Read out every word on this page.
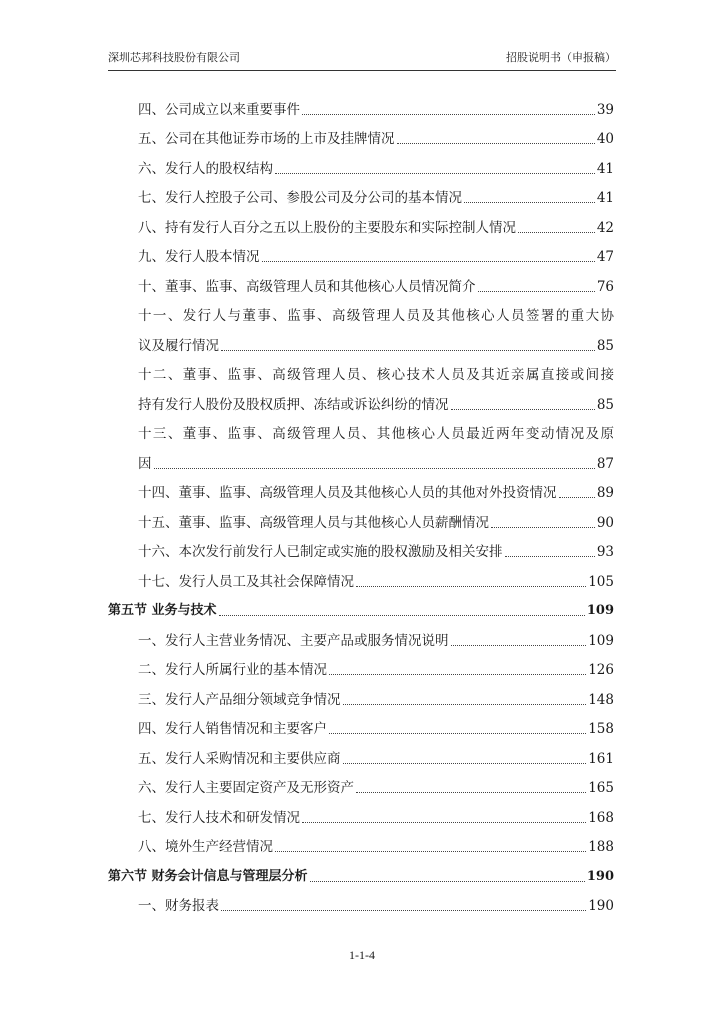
深圳芯邦科技股份有限公司	招股说明书（申报稿）
四、公司成立以来重要事件	39
五、公司在其他证券市场的上市及挂牌情况	40
六、发行人的股权结构	41
七、发行人控股子公司、参股公司及分公司的基本情况	41
八、持有发行人百分之五以上股份的主要股东和实际控制人情况	42
九、发行人股本情况	47
十、董事、监事、高级管理人员和其他核心人员情况简介	76
十一、发行人与董事、监事、高级管理人员及其他核心人员签署的重大协
议及履行情况	85
十二、董事、监事、高级管理人员、核心技术人员及其近亲属直接或间接
持有发行人股份及股权质押、冻结或诉讼纠纷的情况	85
十三、董事、监事、高级管理人员、其他核心人员最近两年变动情况及原
因	87
十四、董事、监事、高级管理人员及其他核心人员的其他对外投资情况	89
十五、董事、监事、高级管理人员与其他核心人员薪酬情况	90
十六、本次发行前发行人已制定或实施的股权激励及相关安排	93
十七、发行人员工及其社会保障情况	105
第五节 业务与技术	109
一、发行人主营业务情况、主要产品或服务情况说明	109
二、发行人所属行业的基本情况	126
三、发行人产品细分领域竞争情况	148
四、发行人销售情况和主要客户	158
五、发行人采购情况和主要供应商	161
六、发行人主要固定资产及无形资产	165
七、发行人技术和研发情况	168
八、境外生产经营情况	188
第六节 财务会计信息与管理层分析	190
一、财务报表	190
1-1-4
